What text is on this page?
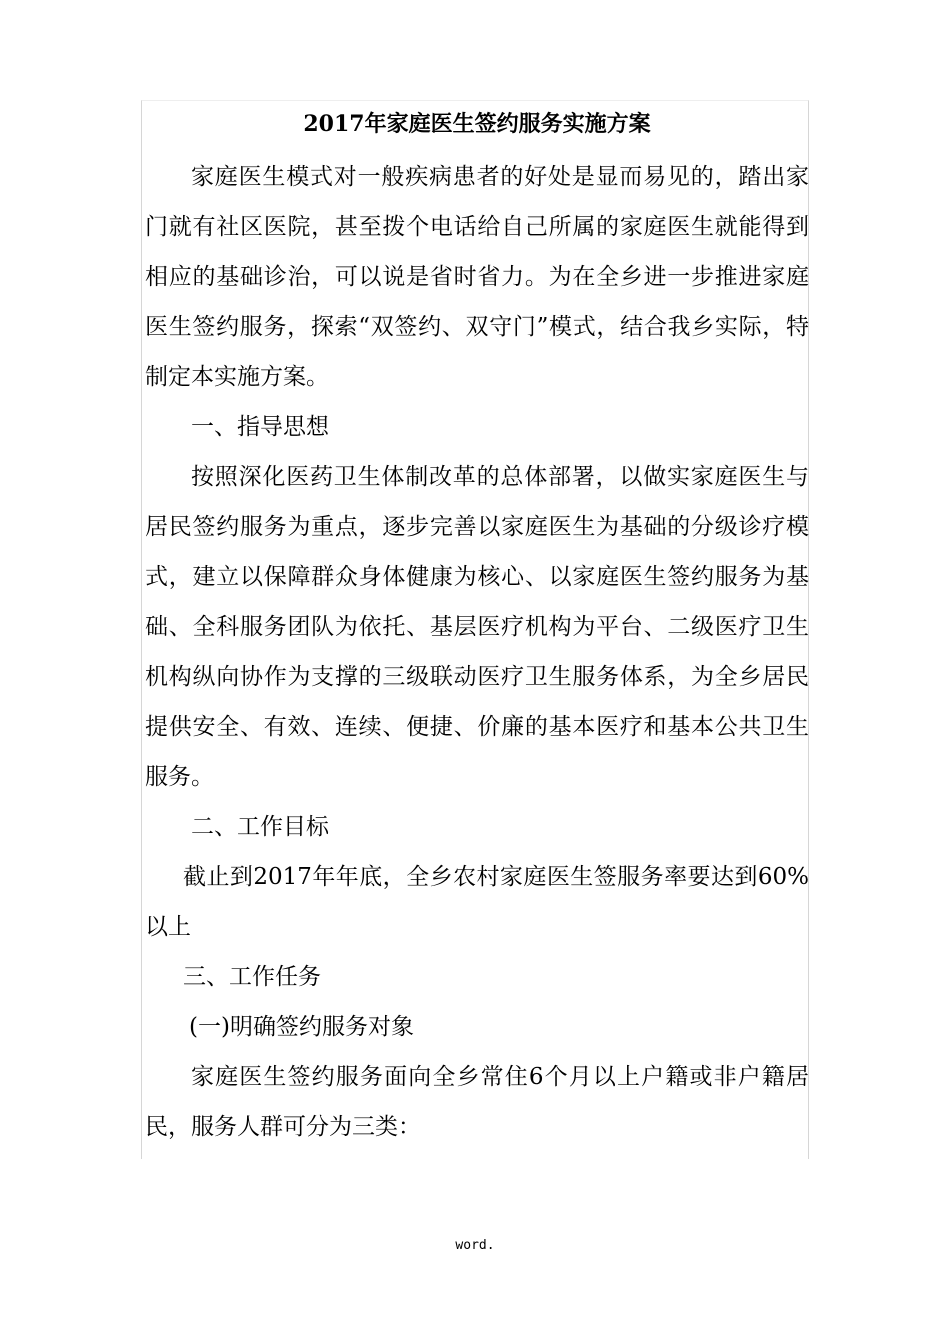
2017年家庭医生签约服务实施方案

家庭医生模式对一般疾病患者的好处是显而易见的，踏出家门就有社区医院，甚至拨个电话给自己所属的家庭医生就能得到相应的基础诊治，可以说是省时省力。为在全乡进一步推进家庭医生签约服务，探索“双签约、双守门”模式，结合我乡实际，特制定本实施方案。

一、指导思想

按照深化医药卫生体制改革的总体部署，以做实家庭医生与居民签约服务为重点，逐步完善以家庭医生为基础的分级诊疗模式，建立以保障群众身体健康为核心、以家庭医生签约服务为基础、全科服务团队为依托、基层医疗机构为平台、二级医疗卫生机构纵向协作为支撑的三级联动医疗卫生服务体系，为全乡居民提供安全、有效、连续、便捷、价廉的基本医疗和基本公共卫生服务。

二、工作目标

截止到2017年年底，全乡农村家庭医生签服务率要达到60%以上

三、工作任务

(一)明确签约服务对象

家庭医生签约服务面向全乡常住6个月以上户籍或非户籍居民，服务人群可分为三类：

word.
